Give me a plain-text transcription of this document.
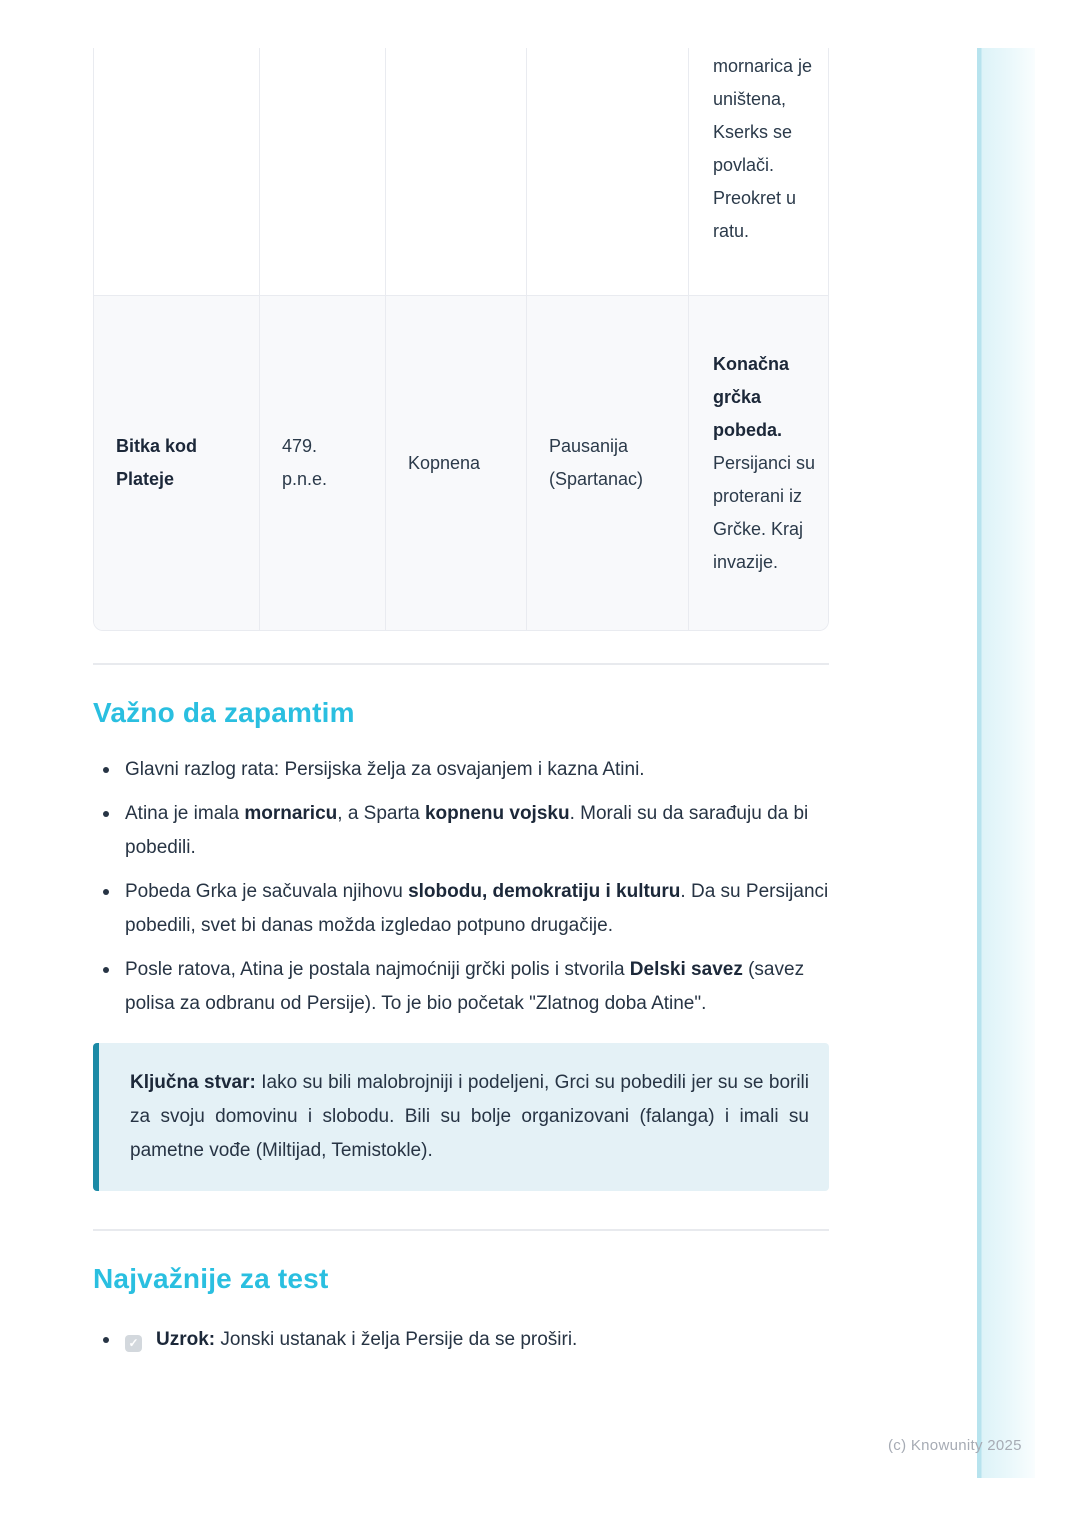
(c) Knowunity 2025
mornarica je uništena, Kserks se povlači. Preokret u ratu.
Bitka kod Plateje
479. p.n.e.
Kopnena
Pausanija (Spartanac)
Konačna grčka pobeda.
Persijanci su proterani iz Grčke. Kraj invazije.
Važno da zapamtim
Glavni razlog rata: Persijska želja za osvajanjem i kazna Atini.
Atina je imala mornaricu, a Sparta kopnenu vojsku. Morali su da sarađuju da bi pobedili.
Pobeda Grka je sačuvala njihovu slobodu, demokratiju i kulturu. Da su Persijanci pobedili, svet bi danas možda izgledao potpuno drugačije.
Posle ratova, Atina je postala najmoćniji grčki polis i stvorila Delski savez (savez polisa za odbranu od Persije). To je bio početak "Zlatnog doba Atine".
Ključna stvar: Iako su bili malobrojniji i podeljeni, Grci su pobedili jer su se borili za svoju domovinu i slobodu. Bili su bolje organizovani (falanga) i imali su pametne vođe (Miltijad, Temistokle).
Najvažnije za test
✓ Uzrok: Jonski ustanak i želja Persije da se proširi.
